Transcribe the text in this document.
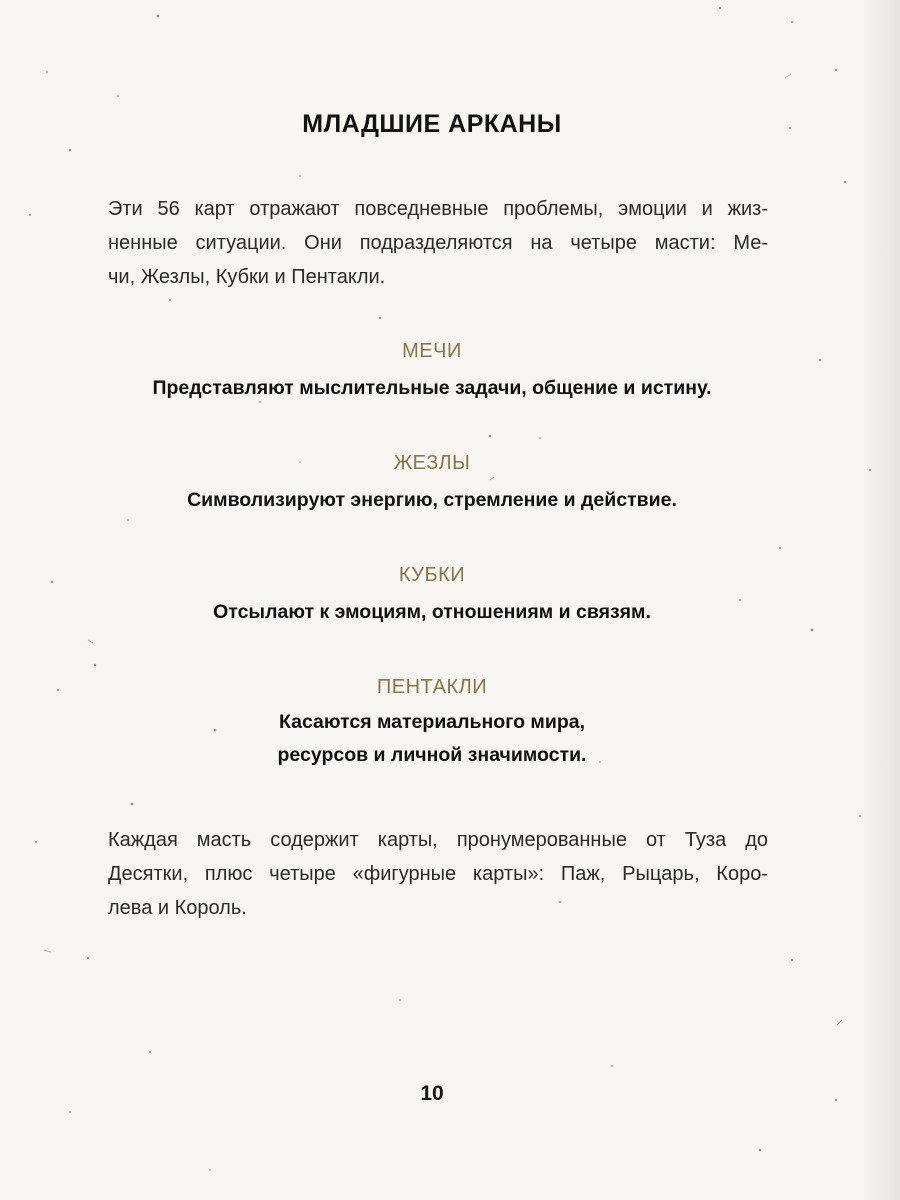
МЛАДШИЕ АРКАНЫ
Эти 56 карт отражают повседневные проблемы, эмоции и жиз-
ненные ситуации. Они подразделяются на четыре масти: Ме-
чи, Жезлы, Кубки и Пентакли.
МЕЧИ
Представляют мыслительные задачи, общение и истину.
ЖЕЗЛЫ
Символизируют энергию, стремление и действие.
КУБКИ
Отсылают к эмоциям, отношениям и связям.
ПЕНТАКЛИ
Касаются материального мира,
ресурсов и личной значимости.
Каждая масть содержит карты, пронумерованные от Туза до
Десятки, плюс четыре «фигурные карты»: Паж, Рыцарь, Коро-
лева и Король.
10
